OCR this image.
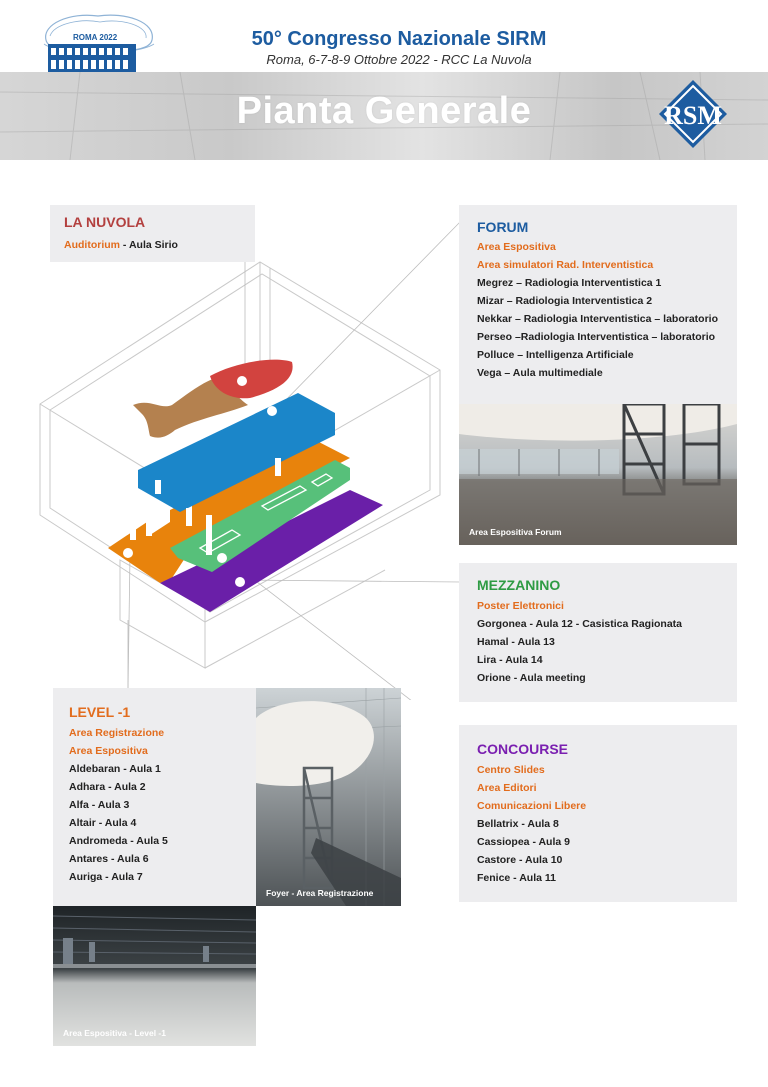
ROMA 2022	50° Congresso Nazionale SIRM
Roma, 6-7-8-9 Ottobre 2022 - RCC La Nuvola
Pianta Generale	RSM
LA NUVOLA
Auditorium - Aula Sirio
FORUM
Area Espositiva
Area simulatori Rad. Interventistica
Megrez – Radiologia Interventistica 1
Mizar – Radiologia Interventistica 2
Nekkar – Radiologia Interventistica – laboratorio
Perseo –Radiologia Interventistica – laboratorio
Polluce – Intelligenza Artificiale
Vega – Aula multimediale
Area Espositiva Forum
MEZZANINO
Poster Elettronici
Gorgonea - Aula 12 - Casistica Ragionata
Hamal - Aula 13
Lira - Aula 14
Orione - Aula meeting
CONCOURSE
Centro Slides
Area Editori
Comunicazioni Libere
Bellatrix - Aula 8
Cassiopea - Aula 9
Castore - Aula 10
Fenice - Aula 11
LEVEL -1
Area Registrazione
Area Espositiva
Aldebaran - Aula 1
Adhara - Aula 2
Alfa - Aula 3
Altair - Aula 4
Andromeda - Aula 5
Antares - Aula 6
Auriga - Aula 7
Foyer - Area Registrazione
Area Espositiva - Level -1
